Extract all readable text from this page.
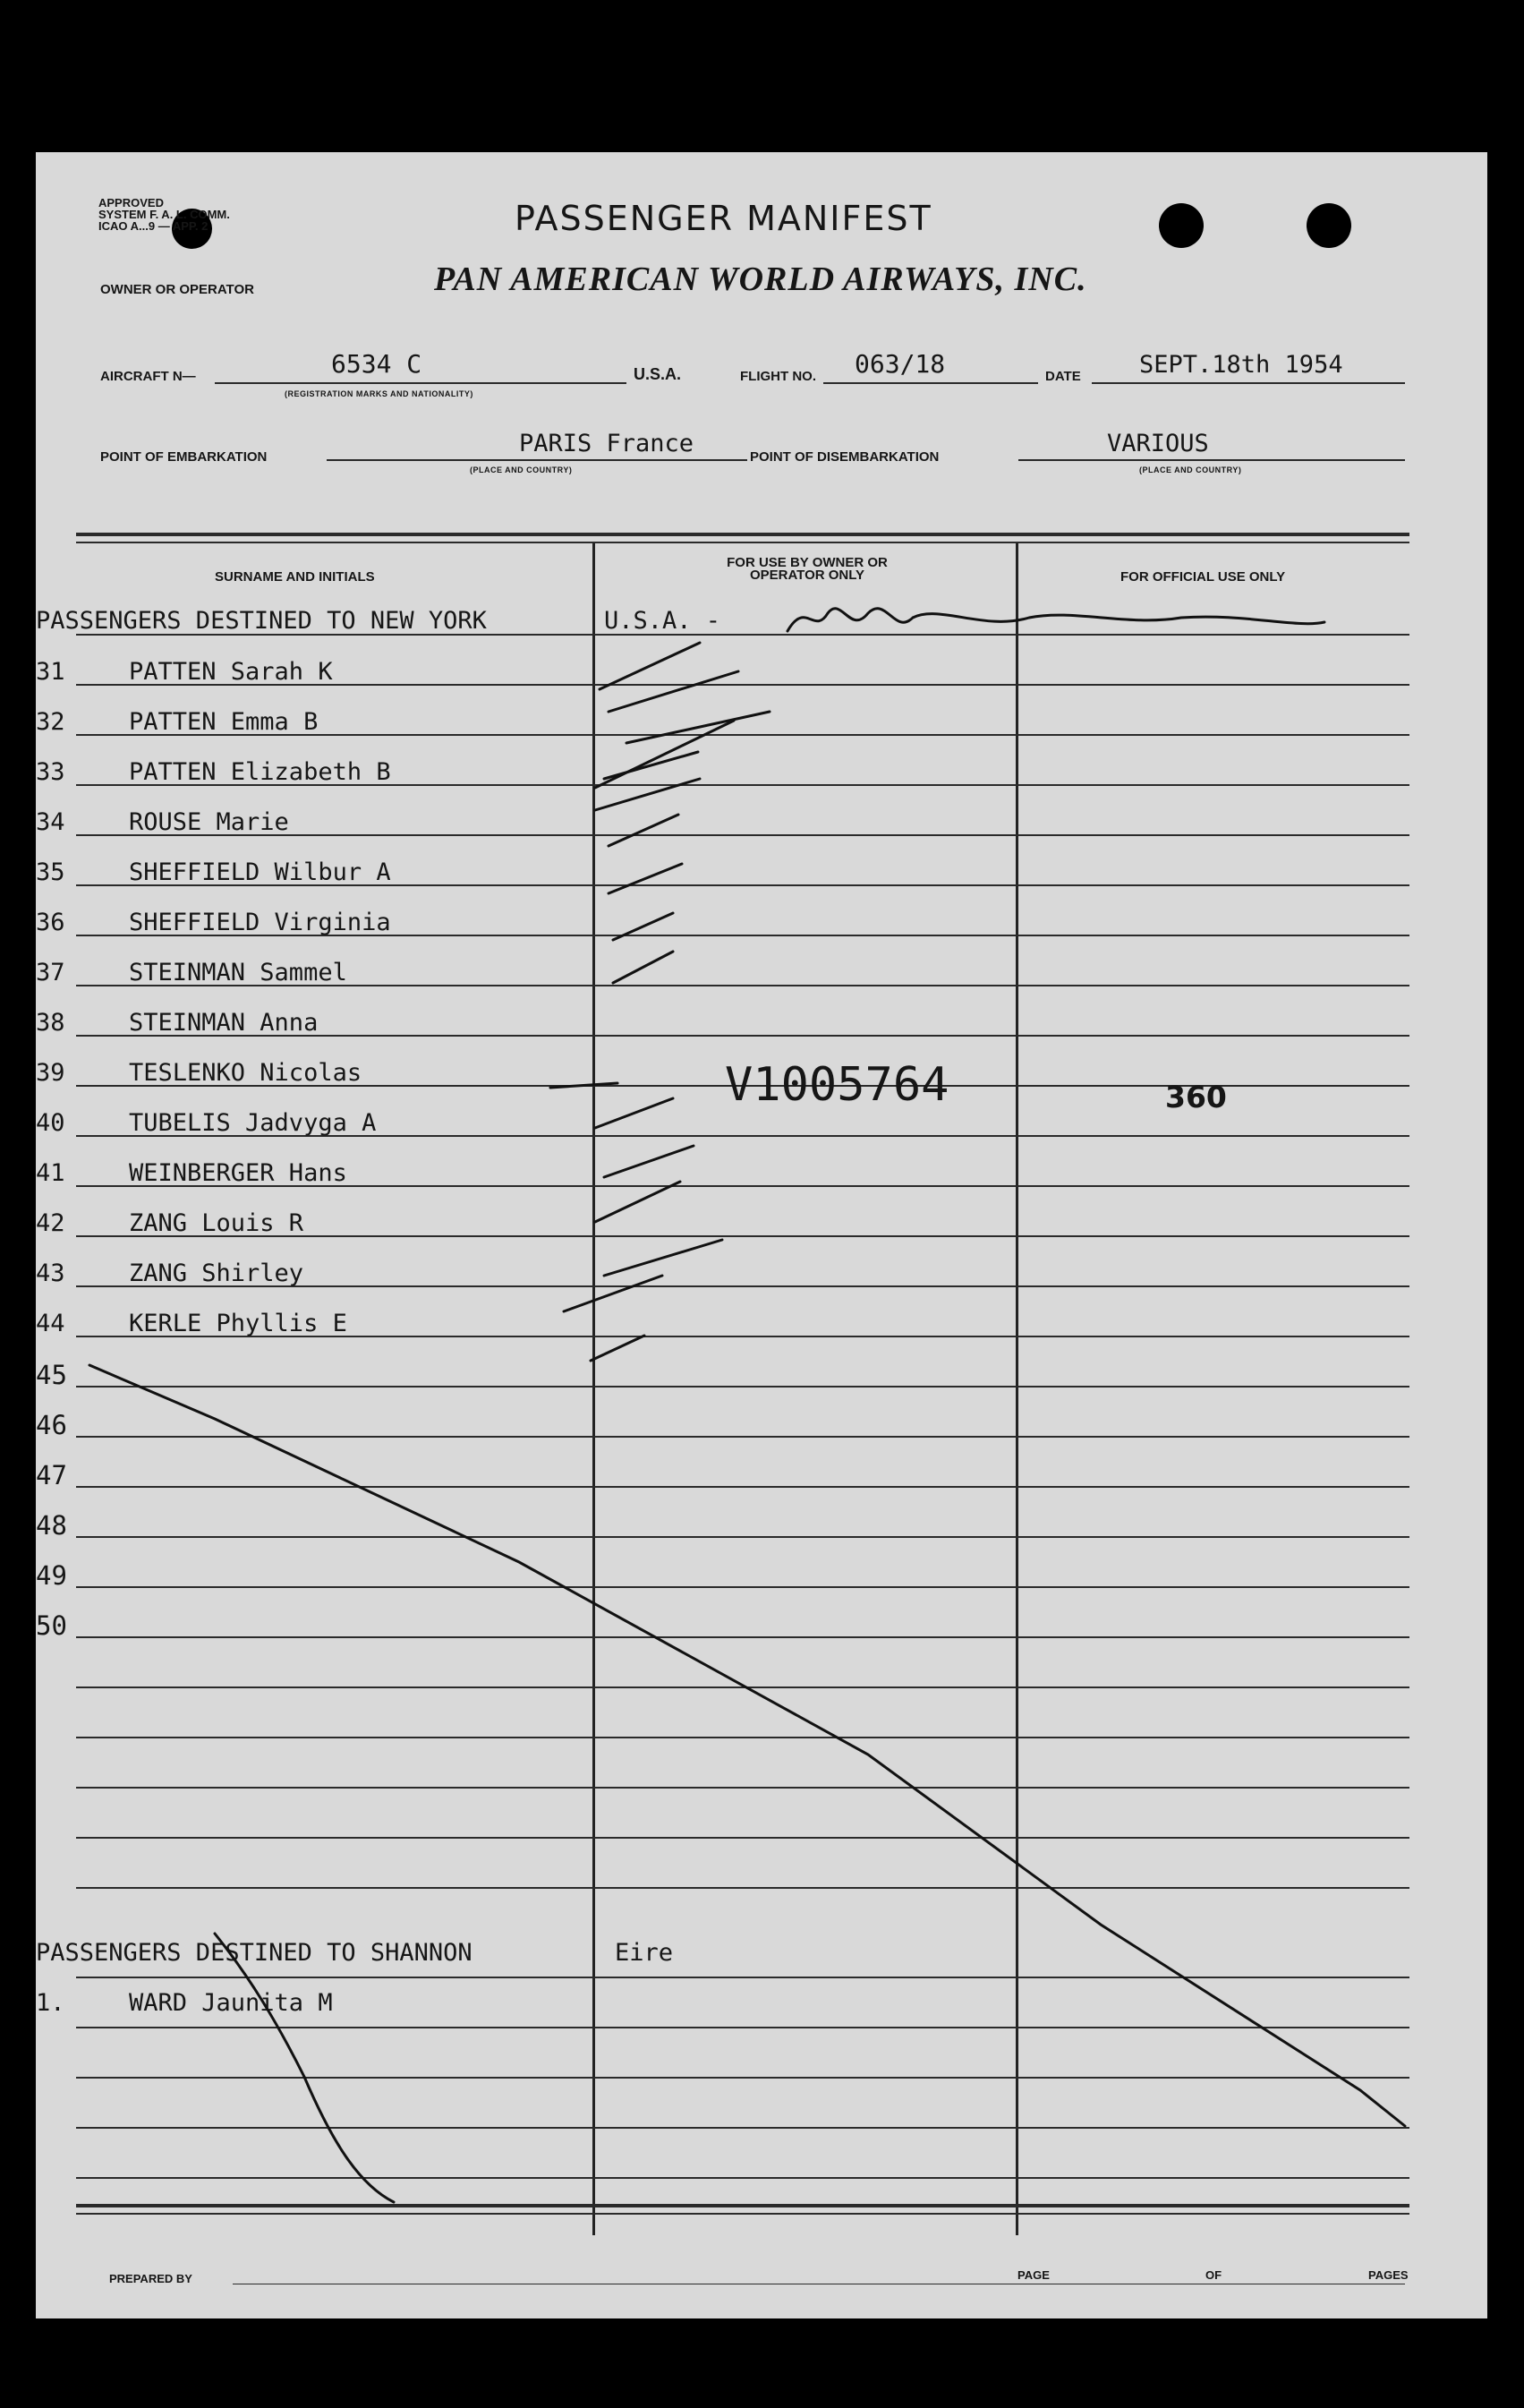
APPROVED
SYSTEM F. A. L. COMM.
ICAO A...9 — APP. 2	PASSENGER MANIFEST
OWNER OR OPERATOR	PAN AMERICAN WORLD AIRWAYS, INC.
AIRCRAFT N—	6534 C
(REGISTRATION MARKS AND NATIONALITY)
U.S.A.	FLIGHT NO. 063/18	DATE SEPT.18th 1954
POINT OF EMBARKATION	PARIS France
(PLACE AND COUNTRY)
POINT OF DISEMBARKATION	VARIOUS
(PLACE AND COUNTRY)
SURNAME AND INITIALS
FOR USE BY OWNER OR OPERATOR ONLY	FOR OFFICIAL USE ONLY
PASSENGERS DESTINED TO NEW YORK	U.S.A. -
31	PATTEN Sarah K
32	PATTEN Emma B
33	PATTEN Elizabeth B
34	ROUSE Marie
35	SHEFFIELD Wilbur A
36	SHEFFIELD Virginia
37	STEINMAN Sammel
38	STEINMAN Anna
39	TESLENKO Nicolas
40	TUBELIS Jadvyga A
41	WEINBERGER Hans
42	ZANG Louis R
43	ZANG Shirley
44	KERLE Phyllis E
45
46
47
48
49
50
V1005764	360
PASSENGERS DESTINED TO SHANNON	Eire
1.	WARD Jaunita M
PREPARED BY	PAGE	OF	PAGES
